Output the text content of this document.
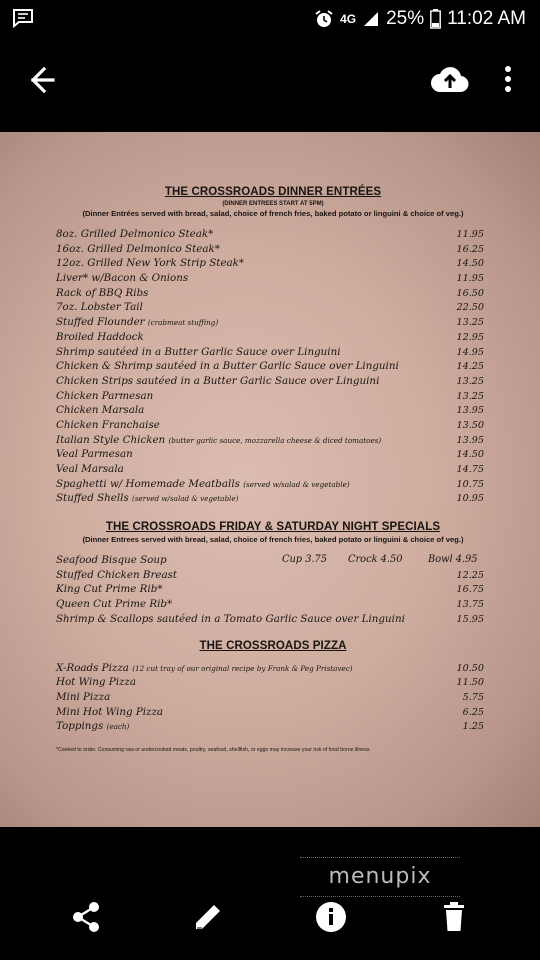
4G 25% 11:02 AM

THE CROSSROADS DINNER ENTRÉES

(DINNER ENTREES START AT 5PM)

(Dinner Entrées served with bread, salad, choice of french fries, baked potato or linguini & choice of veg.)

8oz. Grilled Delmonico Steak*	11.95
16oz. Grilled Delmonico Steak*	16.25
12oz. Grilled New York Strip Steak*	14.50
Liver* w/Bacon & Onions	11.95
Rack of BBQ Ribs	16.50
7oz. Lobster Tail	22.50
Stuffed Flounder (crabmeat stuffing)	13.25
Broiled Haddock	12.95
Shrimp sautéed in a Butter Garlic Sauce over Linguini	14.95
Chicken & Shrimp sautéed in a Butter Garlic Sauce over Linguini	14.25
Chicken Strips sautéed in a Butter Garlic Sauce over Linguini	13.25
Chicken Parmesan	13.25
Chicken Marsala	13.95
Chicken Franchaise	13.50
Italian Style Chicken (butter garlic sauce, mozzarella cheese & diced tomatoes)	13.95
Veal Parmesan	14.50
Veal Marsala	14.75
Spaghetti w/ Homemade Meatballs (served w/salad & vegetable)	10.75
Stuffed Shells (served w/salad & vegetable)	10.95

THE CROSSROADS FRIDAY & SATURDAY NIGHT SPECIALS

(Dinner Entrees served with bread, salad, choice of french fries, baked potato or linguini & choice of veg.)

Seafood Bisque Soup	Cup 3.75 Crock 4.50	Bowl 4.95
Stuffed Chicken Breast	12.25
King Cut Prime Rib*	16.75
Queen Cut Prime Rib*	13.75
Shrimp & Scallops sautéed in a Tomato Garlic Sauce over Linguini	15.95

THE CROSSROADS PIZZA

X-Roads Pizza (12 cut tray of our original recipe by Frank & Peg Pristavec)	10.50
Hot Wing Pizza	11.50
Mini Pizza	5.75
Mini Hot Wing Pizza	6.25
Toppings (each)	1.25

*Cooked to order. Consuming raw or undercooked meats, poultry, seafood, shellfish, or eggs may increase your risk of food borne illness.

menupix
